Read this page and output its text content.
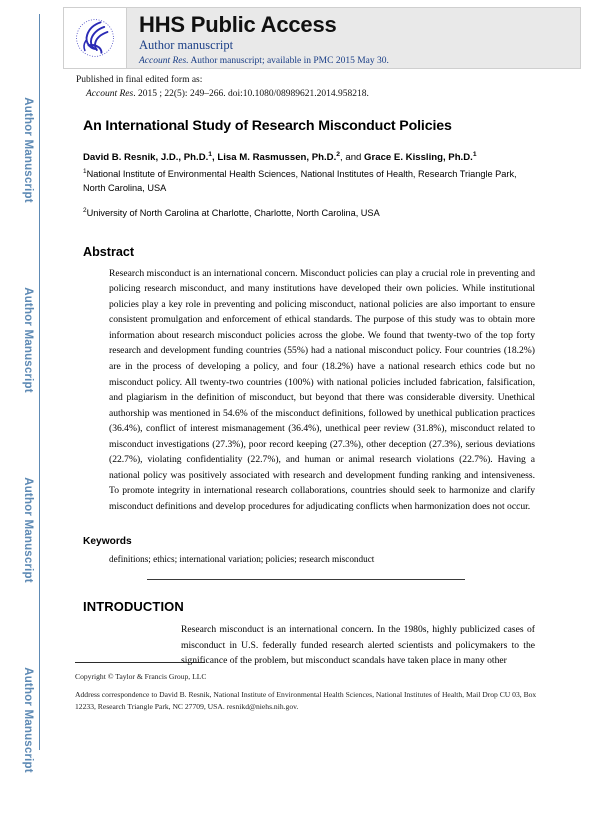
Author Manuscript
Author Manuscript
Author Manuscript
Author Manuscript
HHS Public Access
Author manuscript
Account Res. Author manuscript; available in PMC 2015 May 30.
Published in final edited form as:
Account Res. 2015 ; 22(5): 249–266. doi:10.1080/08989621.2014.958218.
An International Study of Research Misconduct Policies
David B. Resnik, J.D., Ph.D.$^1$, Lisa M. Rasmussen, Ph.D.$^2$, and Grace E. Kissling, Ph.D.$^1$
$^1$National Institute of Environmental Health Sciences, National Institutes of Health, Research Triangle Park, North Carolina, USA
$^2$University of North Carolina at Charlotte, Charlotte, North Carolina, USA
Abstract

Research misconduct is an international concern. Misconduct policies can play a crucial role in preventing and policing research misconduct, and many institutions have developed their own policies. While institutional policies play a key role in preventing and policing misconduct, national policies are also important to ensure consistent promulgation and enforcement of ethical standards. The purpose of this study was to obtain more information about research misconduct policies across the globe. We found that twenty-two of the top forty research and development funding countries (55%) had a national misconduct policy. Four countries (18.2%) are in the process of developing a policy, and four (18.2%) have a national research ethics code but no misconduct policy. All twenty-two countries (100%) with national policies included fabrication, falsification, and plagiarism in the definition of misconduct, but beyond that there was considerable diversity. Unethical authorship was mentioned in 54.6% of the misconduct definitions, followed by unethical publication practices (36.4%), conflict of interest mismanagement (36.4%), unethical peer review (31.8%), misconduct related to misconduct investigations (27.3%), poor record keeping (27.3%), other deception (27.3%), serious deviations (22.7%), violating confidentiality (22.7%), and human or animal research violations (22.7%). Having a national policy was positively associated with research and development funding ranking and intensiveness. To promote integrity in international research collaborations, countries should seek to harmonize and clarify misconduct definitions and develop procedures for adjudicating conflicts when harmonization does not occur.

Keywords

definitions; ethics; international variation; policies; research misconduct

INTRODUCTION

Research misconduct is an international concern. In the 1980s, highly publicized cases of misconduct in U.S. federally funded research alerted scientists and policymakers to the significance of the problem, but misconduct scandals have taken place in many other

Copyright © Taylor & Francis Group, LLC

Address correspondence to David B. Resnik, National Institute of Environmental Health Sciences, National Institutes of Health, Mail Drop CU 03, Box 12233, Research Triangle Park, NC 27709, USA. resnikd@niehs.nih.gov.
